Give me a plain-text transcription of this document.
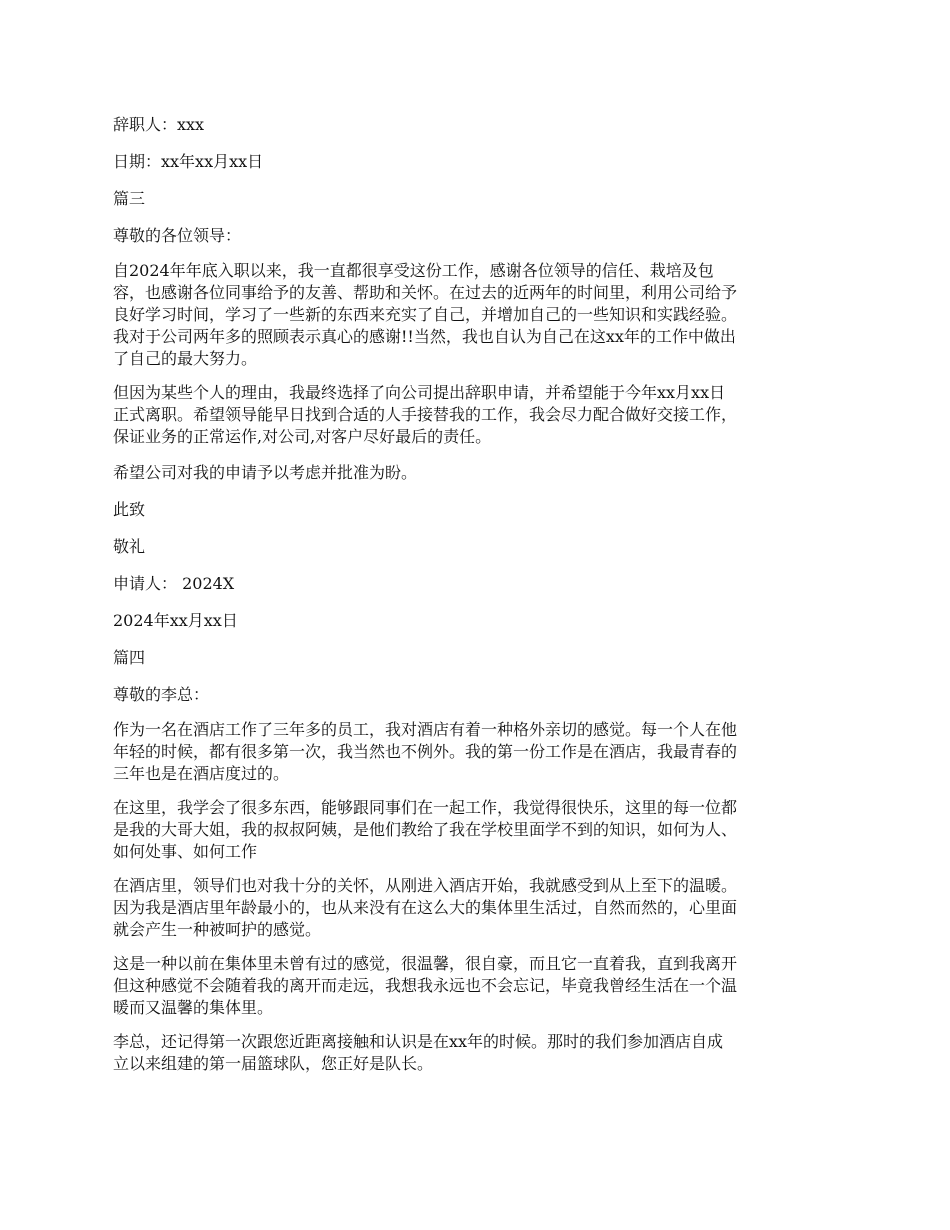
辞职人：xxx
日期：xx年xx月xx日
篇三
尊敬的各位领导：
自2024年年底入职以来，我一直都很享受这份工作，感谢各位领导的信任、栽培及包
容，也感谢各位同事给予的友善、帮助和关怀。在过去的近两年的时间里，利用公司给予
良好学习时间，学习了一些新的东西来充实了自己，并增加自己的一些知识和实践经验。
我对于公司两年多的照顾表示真心的感谢!!当然，我也自认为自己在这xx年的工作中做出
了自己的最大努力。
但因为某些个人的理由，我最终选择了向公司提出辞职申请，并希望能于今年xx月xx日
正式离职。希望领导能早日找到合适的人手接替我的工作，我会尽力配合做好交接工作，
保证业务的正常运作,对公司,对客户尽好最后的责任。
希望公司对我的申请予以考虑并批准为盼。
此致
敬礼
申请人： 2024X
2024年xx月xx日
篇四
尊敬的李总：
作为一名在酒店工作了三年多的员工，我对酒店有着一种格外亲切的感觉。每一个人在他
年轻的时候，都有很多第一次，我当然也不例外。我的第一份工作是在酒店，我最青春的
三年也是在酒店度过的。
在这里，我学会了很多东西，能够跟同事们在一起工作，我觉得很快乐，这里的每一位都
是我的大哥大姐，我的叔叔阿姨，是他们教给了我在学校里面学不到的知识，如何为人、
如何处事、如何工作
在酒店里，领导们也对我十分的关怀，从刚进入酒店开始，我就感受到从上至下的温暖。
因为我是酒店里年龄最小的，也从来没有在这么大的集体里生活过，自然而然的，心里面
就会产生一种被呵护的感觉。
这是一种以前在集体里未曾有过的感觉，很温馨，很自豪，而且它一直着我，直到我离开
但这种感觉不会随着我的离开而走远，我想我永远也不会忘记，毕竟我曾经生活在一个温
暖而又温馨的集体里。
李总，还记得第一次跟您近距离接触和认识是在xx年的时候。那时的我们参加酒店自成
立以来组建的第一届篮球队，您正好是队长。
